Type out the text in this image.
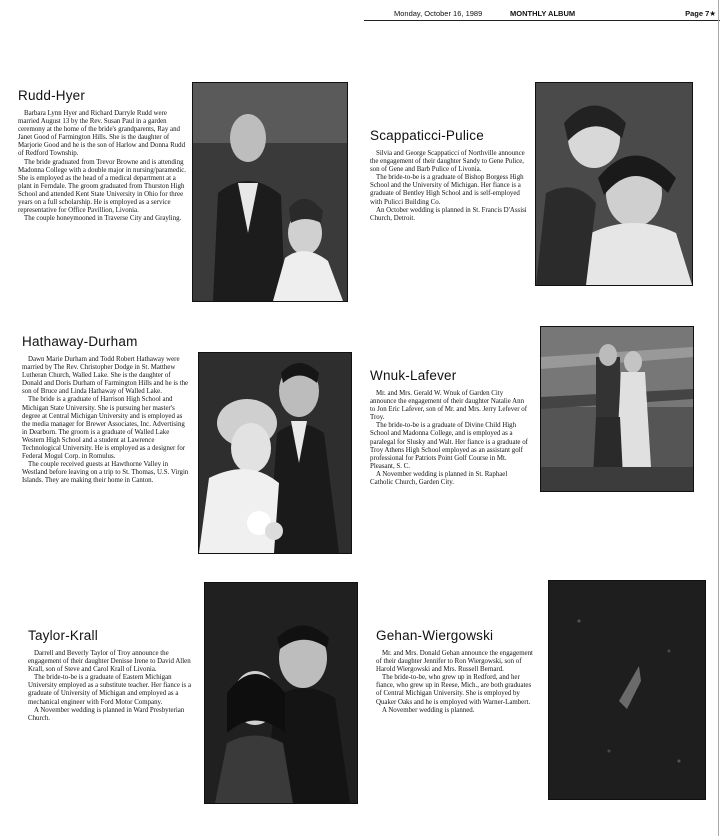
Monday, October 16, 1989	MONTHLY ALBUM	Page 7★
Rudd-Hyer

Barbara Lynn Hyer and Richard Darryle Rudd were married August 13 by the Rev. Susan Paul in a garden ceremony at the home of the bride's grandparents, Ray and Janet Good of Farmington Hills. She is the daughter of Marjorie Good and he is the son of Harlow and Donna Rudd of Redford Township.

The bride graduated from Trevor Browne and is attending Madonna College with a double major in nursing/paramedic. She is employed as the head of a medical department at a plant in Ferndale. The groom graduated from Thurston High School and attended Kent State University in Ohio for three years on a full scholarship. He is employed as a service representative for Office Pavillion, Livonia.

The couple honeymooned in Traverse City and Grayling.

Scappaticci-Pulice

Silvia and George Scappaticci of Northville announce the engagement of their daughter Sandy to Gene Pulice, son of Gene and Barb Pulice of Livonia.

The bride-to-be is a graduate of Bishop Borgess High School and the University of Michigan. Her fiance is a graduate of Bentley High School and is self-employed with Pulicci Building Co.

An October wedding is planned in St. Francis D'Assisi Church, Detroit.

Hathaway-Durham

Dawn Marie Durham and Todd Robert Hathaway were married by The Rev. Christopher Dodge in St. Matthew Lutheran Church, Walled Lake. She is the daughter of Donald and Doris Durham of Farmington Hills and he is the son of Bruce and Linda Hathaway of Walled Lake.

The bride is a graduate of Harrison High School and Michigan State University. She is pursuing her master's degree at Central Michigan University and is employed as the media manager for Brewer Associates, Inc. Advertising in Dearborn. The groom is a graduate of Walled Lake Western High School and a student at Lawrence Technological University. He is employed as a designer for Federal Mogul Corp. in Romulus.

The couple received guests at Hawthorne Valley in Westland before leaving on a trip to St. Thomas, U.S. Virgin Islands. They are making their home in Canton.

Wnuk-Lafever

Mr. and Mrs. Gerald W. Wnuk of Garden City announce the engagement of their daughter Natalie Ann to Jon Eric Lafever, son of Mr. and Mrs. Jerry Lefever of Troy.

The bride-to-be is a graduate of Divine Child High School and Madonna College, and is employed as a paralegal for Slusky and Walt. Her fiance is a graduate of Troy Athens High School employed as an assistant golf professional for Patriots Point Golf Course in Mt. Pleasant, S. C.

A November wedding is planned in St. Raphael Catholic Church, Garden City.

Taylor-Krall

Darrell and Beverly Taylor of Troy announce the engagement of their daughter Denisse Irene to David Allen Krall, son of Steve and Carol Krall of Livonia.

The bride-to-be is a graduate of Eastern Michigan University employed as a substitute teacher. Her fiance is a graduate of University of Michigan and employed as a mechanical engineer with Ford Motor Company.

A November wedding is planned in Ward Presbyterian Church.

Gehan-Wiergowski

Mr. and Mrs. Donald Gehan announce the engagement of their daughter Jennifer to Ron Wiergowski, son of Harold Wiergowski and Mrs. Russell Bernard.

The bride-to-be, who grew up in Redford, and her fiance, who grew up in Reese, Mich., are both graduates of Central Michigan University. She is employed by Quaker Oaks and he is employed with Warner-Lambert.

A November wedding is planned.
